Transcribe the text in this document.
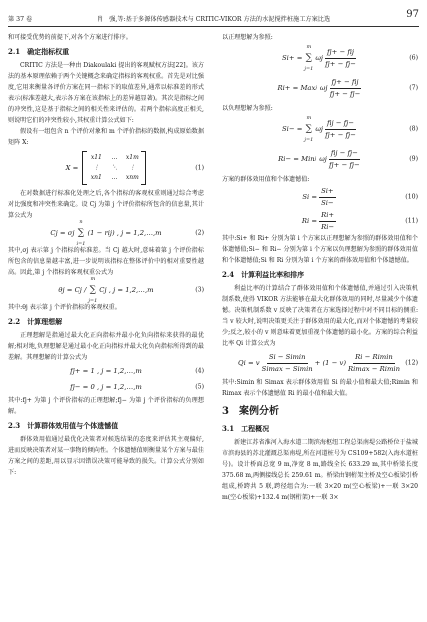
第 37 卷	肖　强,等:基于多源体传感器技术与 CRITIC-VIKOR 方法的水泥搅拌桩施工方案比选	97

和可接受优势的前提下,对各个方案进行排序。

2.1　确定指标权重

CRITIC 方法是一种由 Diakoulaki 提出的客观赋权方法[22]。该方法的基本原理依赖于两个关键概念来确定指标的客观权重。首先是对比强度,它用来衡量各评价方案在同一指标下的取值差异,通常以标准差的形式表示(标准差越大,表示各方案在该指标上的差异越显著)。其次是指标之间的冲突性,这是基于指标之间的相关性来评估的。若两个指标高度正相关,则说明它们的冲突性较小,其权重计算公式如下:

假设有一组包含 n 个评价对象和 m 个评价指标的数据,构成原始数据矩阵 X:

X =
x11	…	x1m
⋮	⋱	⋮
xn1	…	xnm
(1)

在对数据进行标准化处理之后,各个指标的客观权重则通过综合考虑对比强度和冲突性来确定。设 Cj 为第 j 个评价指标所包含的信息量,其计算公式为

Cj = σj
n
∑
i=1
(1 − rij) , j = 1,2,…,m	(2)

其中,σj 表示第 j 个指标的标准差。当 Cj 越大时,意味着第 j 个评价指标所包含的信息量越丰富,进一步说明该指标在整体评价中的相对重要性越高。因此,第 j 个指标的客观权重公式为

θj = Cj /
m
∑
j=1
Cj , j = 1,2,…,m	(3)

其中:θj 表示第 j 个评价指标的客观权重。

2.2　计算理想解

正理想解是指通过最大化正向指标并最小化负向指标来获得的最优解;相对地,负理想解是通过最小化正向指标并最大化负向指标所得到的最差解。其理想解的计算公式为

fj+ = 1 , j = 1,2,…,m	(4)
fj− = 0 , j = 1,2,…,m	(5)

其中:fj+ 为第 j 个评价指标的正理想解;fj− 为第 j 个评价指标的负理想解。

2.3　计算群体效用值与个体遗憾值

群体效用值通过最优化决策者对候选结果的态度来评估其主观偏好,进而反映决策者对某一事物的倾向性。个体遗憾值则衡量某个方案与最佳方案之间的差距,用以显示因错误决策可能导致的损失。计算公式分别如下:

以正理想解为参照:

Si+ =
m
∑
j=1
ωj $\frac{\text{fj+ − fij}}{fj+ - fj-}$	(6)
Ri+ = Max j ωj $\frac{\text{fj+ − fij}}{fj+ - fj-}$	(7)

以负理想解为参照:

Si− =
m
∑
j=1
ωj $\frac{\text{fij − fj−}}{fj+ - fj-}$	(8)
Ri− = Min j ωj $\frac{\text{fij − fj−}}{fj+ - fj-}$	(9)

方案的群体效用值和个体遗憾值:

$Si = \frac{Si+}{Si-}$	(10)
$Ri = \frac{Ri+}{Ri-}$	(11)

其中:Si+ 和 Ri+ 分别为第 i 个方案以正理想解为参照的群体效用值和个体遗憾值;Si− 和 Ri− 分别为第 i 个方案以负理想解为参照的群体效用值和个体遗憾值;Si 和 Ri 分别为第 i 个方案的群体效用值和个体遗憾值。

2.4　计算利益比率和排序

利益比率的计算结合了群体效用值和个体遗憾值,并通过引入决策机制系数,使得 VIKOR 方法能够在最大化群体效用的同时,尽量减少个体遗憾。决策机制系数 v 反映了决策者在方案选择过程中对不同目标的侧重:当 v 较大时,说明决策更关注于群体效用的最大化,而对个体遗憾的考量较少;反之,较小的 v 则意味着更加重视个体遗憾的最小化。方案的综合利益比率 Qi 计算公式为

Qi = v $\frac{Si - Simin}{Simax - Simin} + (1 - v) \frac{Ri - Rimin}{Rimax - Rimin} (12)$

其中:Simin 和 Simax 表示群体效用值 Si 的最小值和最大值;Rimin 和 Rimax 表示个体遗憾值 Ri 的最小值和最大值。

3　案例分析
3.1　工程概况

新建江苏省淮河入海水道二期滨海枢纽工程总渠南堤公路桥位于盐城市滨海县的苏北灌溉总渠南堤,所在河道桩号为 CS109+582(入海水道桩号)。设计桥面总宽 9 m,净宽 8 m,路线全长 633.29 m,其中桥梁长度 375.68 m,两侧接线总长 259.61 m。桥梁由钢桁架主桥及空心板梁引桥组成,桥跨共 5 联,跨径组合为:一联 3×20 m(空心板梁)+一联 3×20 m(空心板梁)+132.4 m(钢桁架)+一联 3×
